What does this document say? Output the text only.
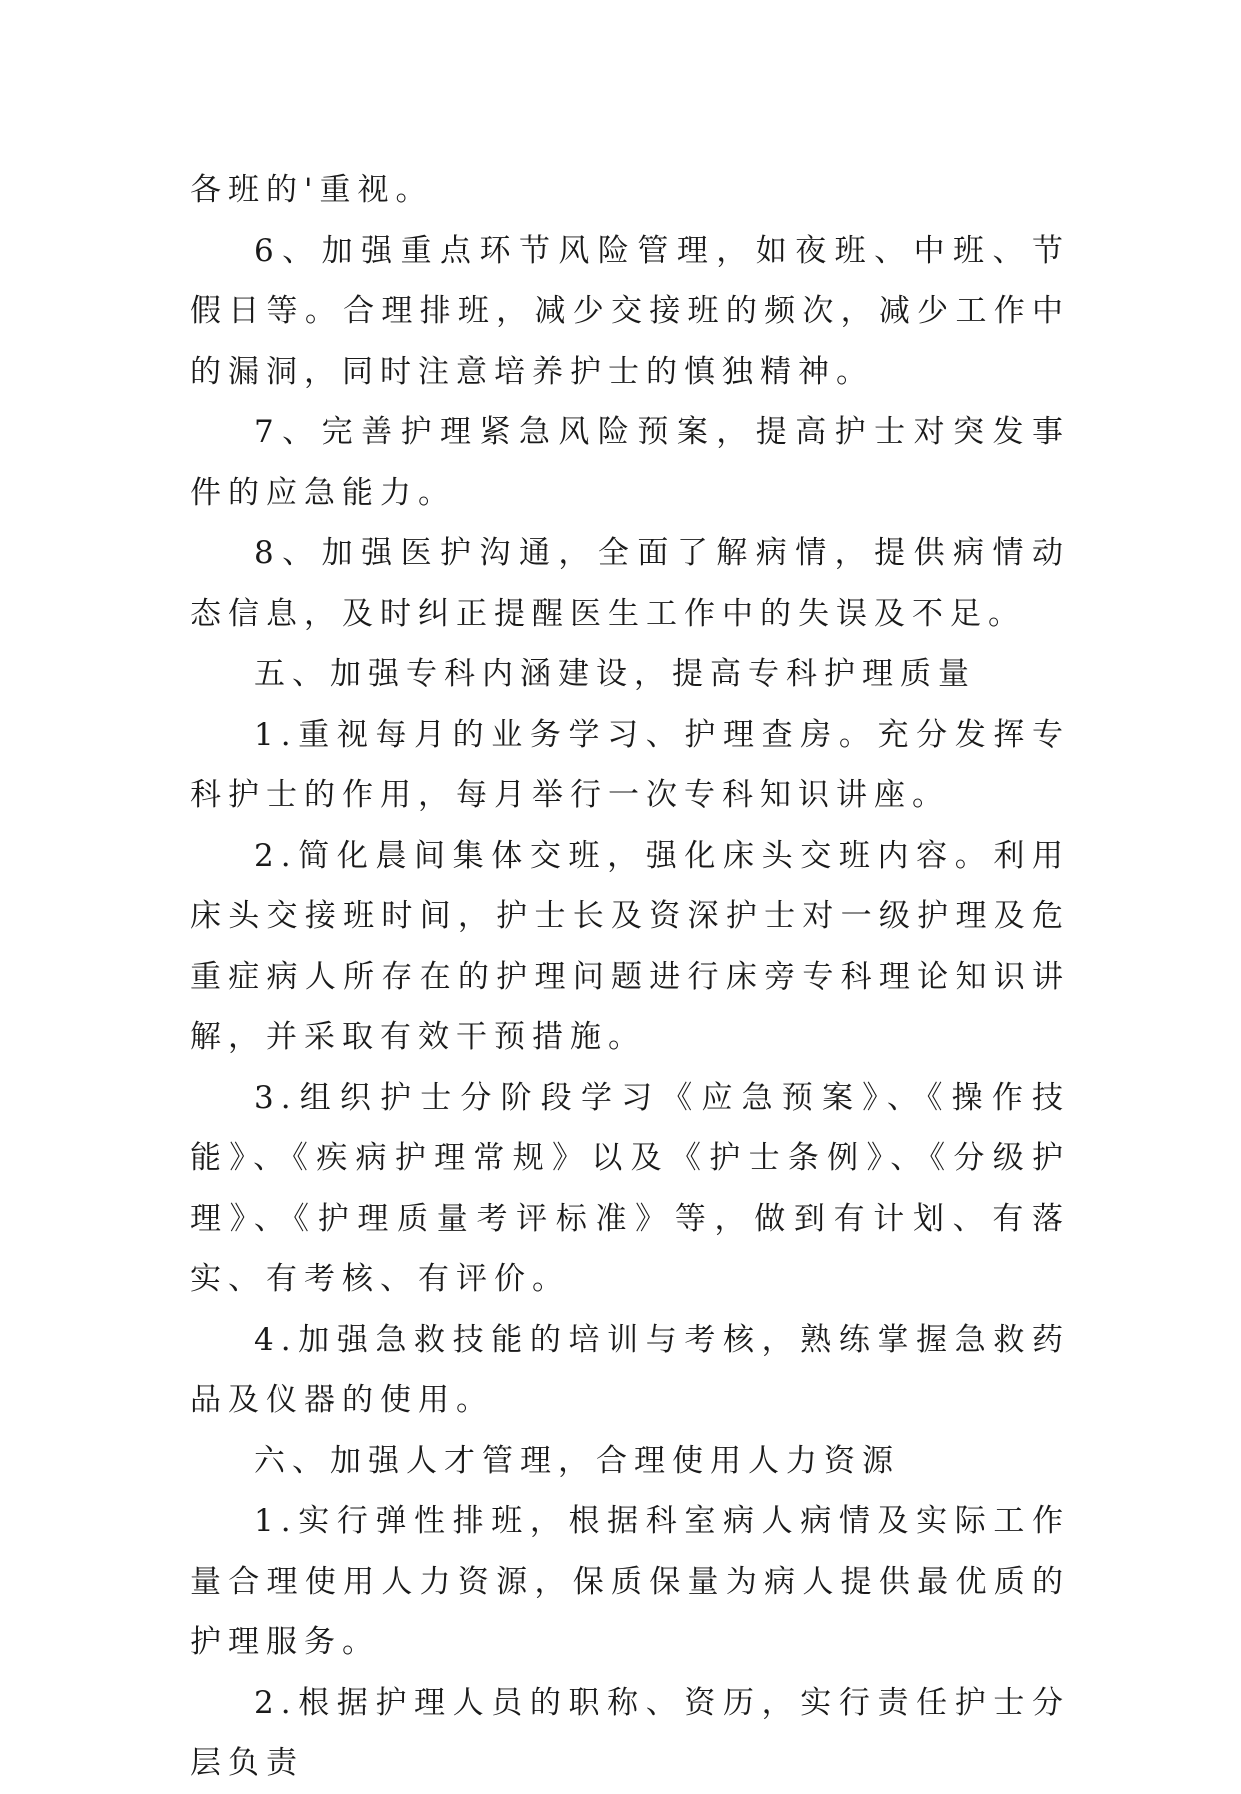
各班的'重视。

6、加强重点环节风险管理，如夜班、中班、节假日等。合理排班，减少交接班的频次，减少工作中的漏洞，同时注意培养护士的慎独精神。

7、完善护理紧急风险预案，提高护士对突发事件的应急能力。

8、加强医护沟通，全面了解病情，提供病情动态信息，及时纠正提醒医生工作中的失误及不足。

五、加强专科内涵建设，提高专科护理质量

1.重视每月的业务学习、护理查房。充分发挥专科护士的作用，每月举行一次专科知识讲座。

2.简化晨间集体交班，强化床头交班内容。利用床头交接班时间，护士长及资深护士对一级护理及危重症病人所存在的护理问题进行床旁专科理论知识讲解，并采取有效干预措施。

3.组织护士分阶段学习《应急预案》、《操作技能》、《疾病护理常规》以及《护士条例》、《分级护理》、《护理质量考评标准》等，做到有计划、有落实、有考核、有评价。

4.加强急救技能的培训与考核，熟练掌握急救药品及仪器的使用。

六、加强人才管理，合理使用人力资源

1.实行弹性排班，根据科室病人病情及实际工作量合理使用人力资源，保质保量为病人提供最优质的护理服务。

2.根据护理人员的职称、资历，实行责任护士分层负责
